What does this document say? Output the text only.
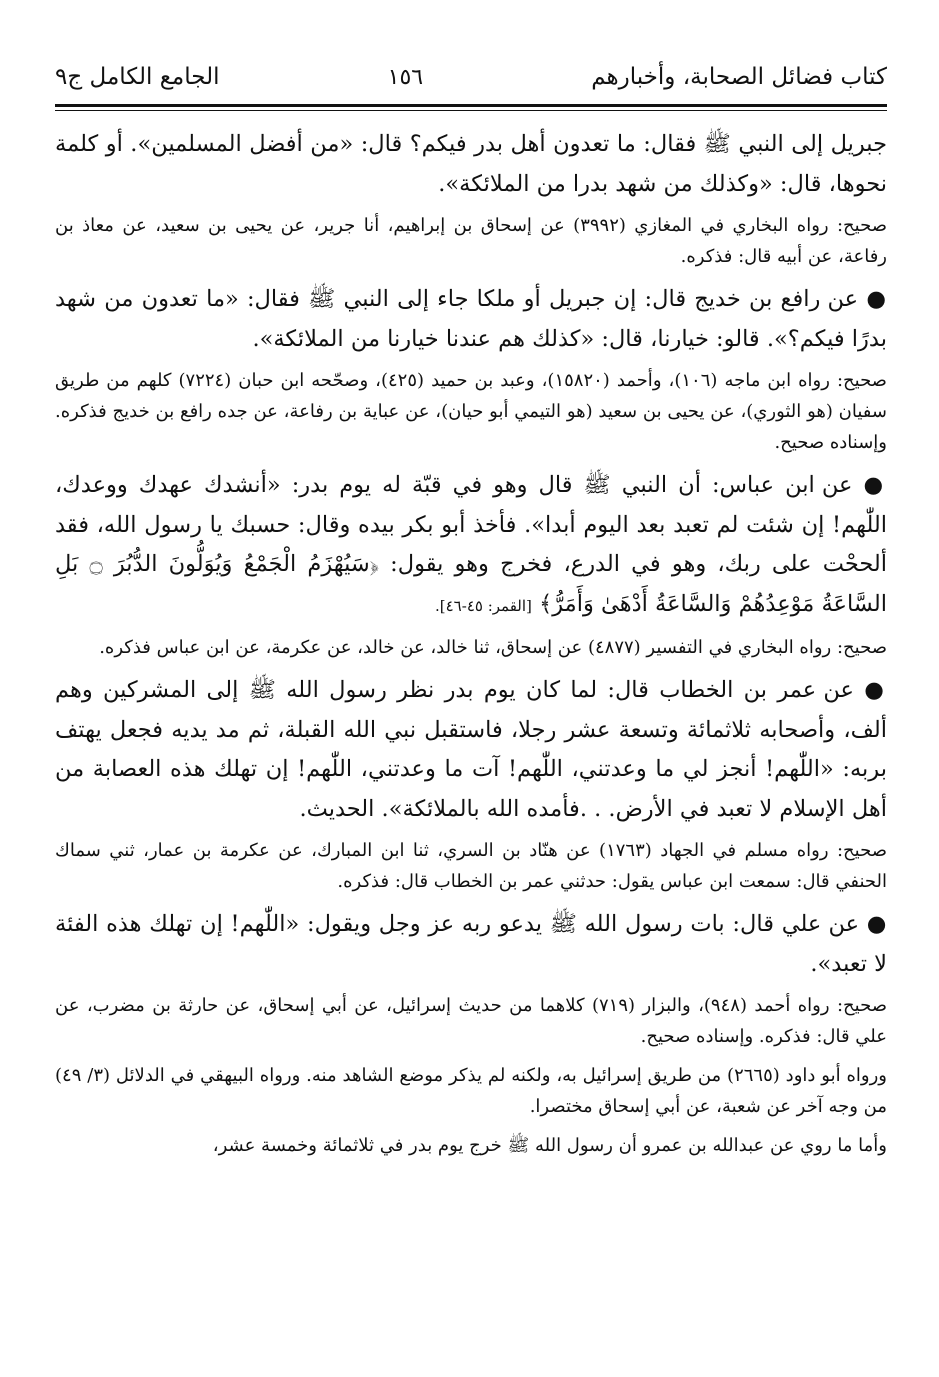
كتاب فضائل الصحابة، وأخبارهم
١٥٦
الجامع الكامل ج٩

جبريل إلى النبي ﷺ فقال: ما تعدون أهل بدر فيكم؟ قال: «من أفضل المسلمين». أو كلمة نحوها، قال: «وكذلك من شهد بدرا من الملائكة».

صحيح: رواه البخاري في المغازي (٣٩٩٢) عن إسحاق بن إبراهيم، أنا جرير، عن يحيى بن سعيد، عن معاذ بن رفاعة، عن أبيه قال: فذكره.

● عن رافع بن خديج قال: إن جبريل أو ملكا جاء إلى النبي ﷺ فقال: «ما تعدون من شهد بدرًا فيكم؟». قالو: خيارنا، قال: «كذلك هم عندنا خيارنا من الملائكة».

صحيح: رواه ابن ماجه (١٠٦)، وأحمد (١٥٨٢٠)، وعبد بن حميد (٤٢٥)، وصحّحه ابن حبان (٧٢٢٤) كلهم من طريق سفيان (هو الثوري)، عن يحيى بن سعيد (هو التيمي أبو حيان)، عن عباية بن رفاعة، عن جده رافع بن خديج فذكره. وإسناده صحيح.

● عن ابن عباس: أن النبي ﷺ قال وهو في قبّة له يوم بدر: «أنشدك عهدك ووعدك، اللّٰهم! إن شئت لم تعبد بعد اليوم أبدا». فأخذ أبو بكر بيده وقال: حسبك يا رسول الله، فقد ألححْت على ربك، وهو في الدرع، فخرج وهو يقول: ﴿سَيُهْزَمُ الْجَمْعُ وَيُوَلُّونَ الدُّبُرَ ۝ بَلِ السَّاعَةُ مَوْعِدُهُمْ وَالسَّاعَةُ أَدْهَىٰ وَأَمَرُّ﴾ [القمر: ٤٥-٤٦].

صحيح: رواه البخاري في التفسير (٤٨٧٧) عن إسحاق، ثنا خالد، عن خالد، عن عكرمة، عن ابن عباس فذكره.

● عن عمر بن الخطاب قال: لما كان يوم بدر نظر رسول الله ﷺ إلى المشركين وهم ألف، وأصحابه ثلاثمائة وتسعة عشر رجلا، فاستقبل نبي الله القبلة، ثم مد يديه فجعل يهتف بربه: «اللّٰهم! أنجز لي ما وعدتني، اللّٰهم! آت ما وعدتني، اللّٰهم! إن تهلك هذه العصابة من أهل الإسلام لا تعبد في الأرض. . .فأمده الله بالملائكة». الحديث.

صحيح: رواه مسلم في الجهاد (١٧٦٣) عن هنّاد بن السري، ثنا ابن المبارك، عن عكرمة بن عمار، ثني سماك الحنفي قال: سمعت ابن عباس يقول: حدثني عمر بن الخطاب قال: فذكره.

● عن علي قال: بات رسول الله ﷺ يدعو ربه عز وجل ويقول: «اللّٰهم! إن تهلك هذه الفئة لا تعبد».

صحيح: رواه أحمد (٩٤٨)، والبزار (٧١٩) كلاهما من حديث إسرائيل، عن أبي إسحاق، عن حارثة بن مضرب، عن علي قال: فذكره. وإسناده صحيح.

ورواه أبو داود (٢٦٦٥) من طريق إسرائيل به، ولكنه لم يذكر موضع الشاهد منه. ورواه البيهقي في الدلائل (٣/ ٤٩) من وجه آخر عن شعبة، عن أبي إسحاق مختصرا.

وأما ما روي عن عبدالله بن عمرو أن رسول الله ﷺ خرج يوم بدر في ثلاثمائة وخمسة عشر،
